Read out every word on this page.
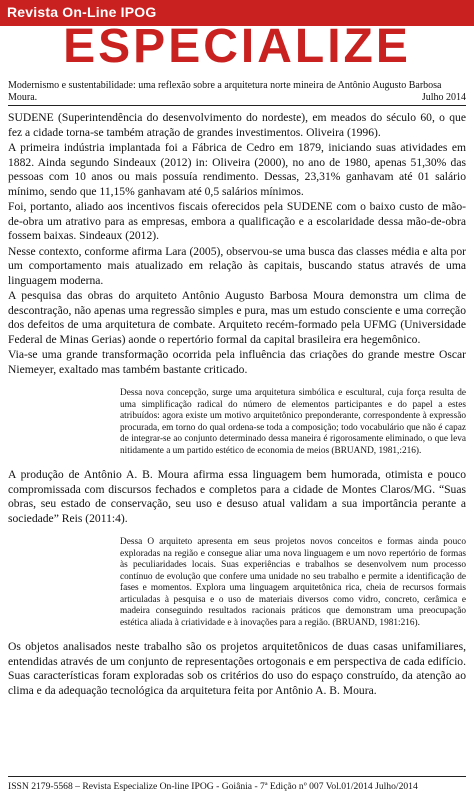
Revista On-Line IPOG
ESPECIALIZE
Modernismo e sustentabilidade: uma reflexão sobre a arquitetura norte mineira de Antônio Augusto Barbosa Moura.	Julho 2014

SUDENE (Superintendência do desenvolvimento do nordeste), em meados do século 60, o que fez a cidade torna-se também atração de grandes investimentos. Oliveira (1996).

A primeira indústria implantada foi a Fábrica de Cedro em 1879, iniciando suas atividades em 1882. Ainda segundo Sindeaux (2012) in: Oliveira (2000), no ano de 1980, apenas 51,30% das pessoas com 10 anos ou mais possuía rendimento. Dessas, 23,31% ganhavam até 01 salário mínimo, sendo que 11,15% ganhavam até 0,5 salários mínimos.

Foi, portanto, aliado aos incentivos fiscais oferecidos pela SUDENE com o baixo custo de mão-de-obra um atrativo para as empresas, embora a qualificação e a escolaridade dessa mão-de-obra fossem baixas. Sindeaux (2012).

Nesse contexto, conforme afirma Lara (2005), observou-se uma busca das classes média e alta por um comportamento mais atualizado em relação às capitais, buscando status através de uma linguagem moderna.

A pesquisa das obras do arquiteto Antônio Augusto Barbosa Moura demonstra um clima de descontração, não apenas uma regressão simples e pura, mas um estudo consciente e uma correção dos defeitos de uma arquitetura de combate. Arquiteto recém-formado pela UFMG (Universidade Federal de Minas Gerias) aonde o repertório formal da capital brasileira era hegemônico.

Via-se uma grande transformação ocorrida pela influência das criações do grande mestre Oscar Niemeyer, exaltado mas também bastante criticado.

Dessa nova concepção, surge uma arquitetura simbólica e escultural, cuja força resulta de uma simplificação radical do número de elementos participantes e do papel a estes atribuídos: agora existe um motivo arquitetônico preponderante, correspondente à expressão procurada, em torno do qual ordena-se toda a composição; todo vocabulário que não é capaz de integrar-se ao conjunto determinado dessa maneira é rigorosamente eliminado, o que leva nitidamente a um partido estético de economia de meios (BRUAND, 1981,:216).

A produção de Antônio A. B. Moura afirma essa linguagem bem humorada, otimista e pouco compromissada com discursos fechados e completos para a cidade de Montes Claros/MG. “Suas obras, seu estado de conservação, seu uso e desuso atual validam a sua importância perante a sociedade” Reis (2011:4).

Dessa O arquiteto apresenta em seus projetos novos conceitos e formas ainda pouco exploradas na região e consegue aliar uma nova linguagem e um novo repertório de formas às peculiaridades locais. Suas experiências e trabalhos se desenvolvem num processo contínuo de evolução que confere uma unidade no seu trabalho e permite a identificação de fases e momentos. Explora uma linguagem arquitetônica rica, cheia de recursos formais articuladas à pesquisa e o uso de materiais diversos como vidro, concreto, cerâmica e madeira conseguindo resultados racionais práticos que demonstram uma preocupação estética aliada à criatividade e à inovações para a região. (BRUAND, 1981:216).

Os objetos analisados neste trabalho são os projetos arquitetônicos de duas casas unifamiliares, entendidas através de um conjunto de representações ortogonais e em perspectiva de cada edifício. Suas características foram exploradas sob os critérios do uso do espaço construído, da atenção ao clima e da adequação tecnológica da arquitetura feita por Antônio A. B. Moura.

ISSN 2179-5568 – Revista Especialize On-line IPOG - Goiânia - 7ª Edição nº 007 Vol.01/2014 Julho/2014
